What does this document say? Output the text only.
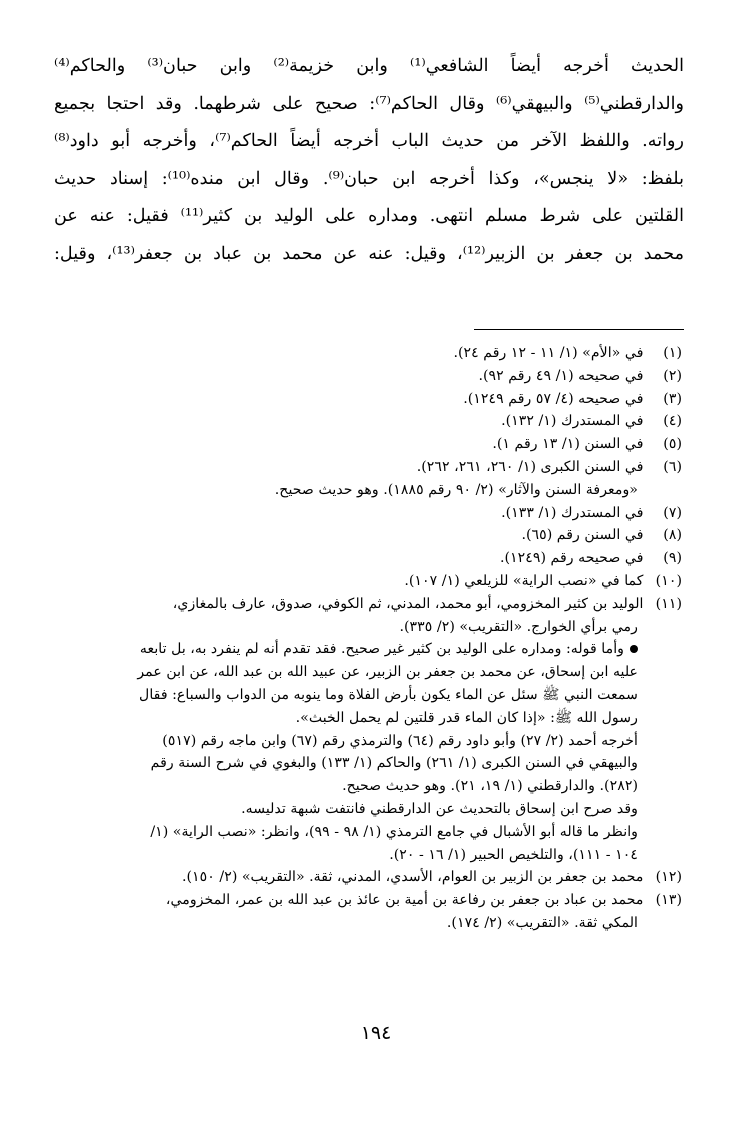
الحديث أخرجه أيضاً الشافعي⁽¹⁾ وابن خزيمة⁽²⁾ وابن حبان⁽³⁾ والحاكم⁽⁴⁾
والدارقطني⁽⁵⁾ والبيهقي⁽⁶⁾ وقال الحاكم⁽⁷⁾: صحيح على شرطهما. وقد احتجا بجميع
رواته. واللفظ الآخر من حديث الباب أخرجه أيضاً الحاكم⁽⁷⁾، وأخرجه أبو داود⁽⁸⁾
بلفظ: «لا ينجس»، وكذا أخرجه ابن حبان⁽⁹⁾. وقال ابن منده⁽¹⁰⁾: إسناد حديث
القلتين على شرط مسلم انتهى. ومداره على الوليد بن كثير⁽¹¹⁾ فقيل: عنه عن
محمد بن جعفر بن الزبير⁽¹²⁾، وقيل: عنه عن محمد بن عباد بن جعفر⁽¹³⁾، وقيل:

(١) في «الأم» (١/ ١١ - ١٢ رقم ٢٤).

(٢) في صحيحه (١/ ٤٩ رقم ٩٢).

(٣) في صحيحه (٤/ ٥٧ رقم ١٢٤٩).

(٤) في المستدرك (١/ ١٣٢).

(٥) في السنن (١/ ١٣ رقم ١).

(٦) في السنن الكبرى (١/ ٢٦٠، ٢٦١، ٢٦٢).

«ومعرفة السنن والآثار» (٢/ ٩٠ رقم ١٨٨٥). وهو حديث صحيح.

(٧) في المستدرك (١/ ١٣٣).

(٨) في السنن رقم (٦٥).

(٩) في صحيحه رقم (١٢٤٩).

(١٠) كما في «نصب الراية» للزيلعي (١/ ١٠٧).

(١١) الوليد بن كثير المخزومي، أبو محمد، المدني، ثم الكوفي، صدوق، عارف بالمغازي،

رمي برأي الخوارج. «التقريب» (٢/ ٣٣٥).

وأما قوله: ومداره على الوليد بن كثير غير صحيح. فقد تقدم أنه لم ينفرد به، بل تابعه

عليه ابن إسحاق، عن محمد بن جعفر بن الزبير، عن عبيد الله بن عبد الله، عن ابن عمر

سمعت النبي ﷺ سئل عن الماء يكون بأرض الفلاة وما ينوبه من الدواب والسباع: فقال

رسول الله ﷺ: «إذا كان الماء قدر قلتين لم يحمل الخبث».

أخرجه أحمد (٢/ ٢٧) وأبو داود رقم (٦٤) والترمذي رقم (٦٧) وابن ماجه رقم (٥١٧)

والبيهقي في السنن الكبرى (١/ ٢٦١) والحاكم (١/ ١٣٣) والبغوي في شرح السنة رقم

(٢٨٢). والدارقطني (١/ ١٩، ٢١). وهو حديث صحيح.

وقد صرح ابن إسحاق بالتحديث عن الدارقطني فانتفت شبهة تدليسه.

وانظر ما قاله أبو الأشبال في جامع الترمذي (١/ ٩٨ - ٩٩)، وانظر: «نصب الراية» (١/

١٠٤ - ١١١)، والتلخيص الحبير (١/ ١٦ - ٢٠).

(١٢) محمد بن جعفر بن الزبير بن العوام، الأسدي، المدني، ثقة. «التقريب» (٢/ ١٥٠).

(١٣) محمد بن عباد بن جعفر بن رفاعة بن أمية بن عائذ بن عبد الله بن عمر، المخزومي،

المكي ثقة. «التقريب» (٢/ ١٧٤).

١٩٤
